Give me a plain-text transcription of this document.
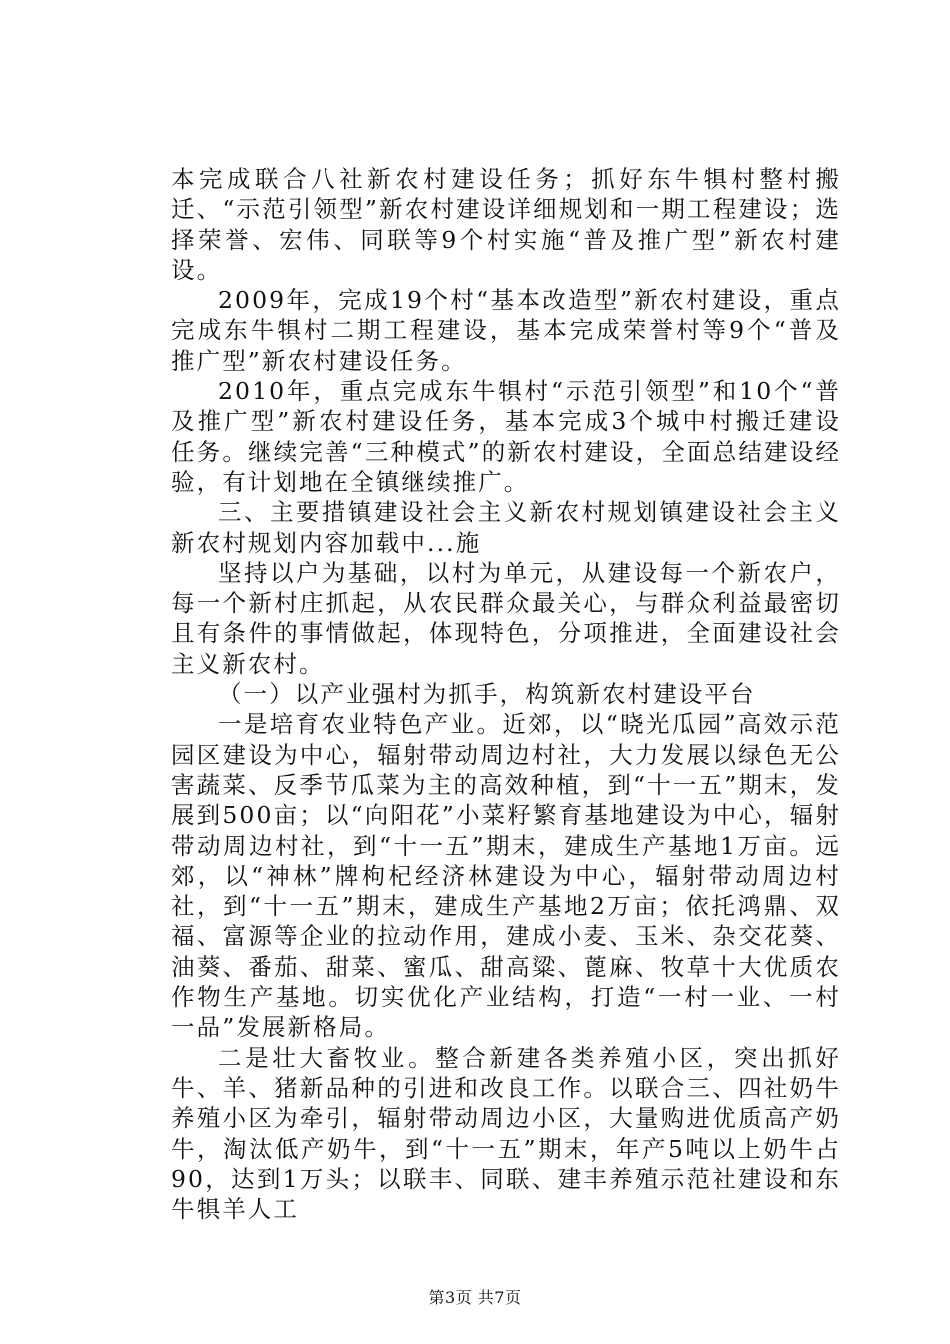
本完成联合八社新农村建设任务；抓好东牛犋村整村搬迁、“示范引领型”新农村建设详细规划和一期工程建设；选择荣誉、宏伟、同联等9个村实施“普及推广型”新农村建设。

2009年，完成19个村“基本改造型”新农村建设，重点完成东牛犋村二期工程建设，基本完成荣誉村等9个“普及推广型”新农村建设任务。

2010年，重点完成东牛犋村“示范引领型”和10个“普及推广型”新农村建设任务，基本完成3个城中村搬迁建设任务。继续完善“三种模式”的新农村建设，全面总结建设经验，有计划地在全镇继续推广。

三、主要措镇建设社会主义新农村规划镇建设社会主义新农村规划内容加载中...施

坚持以户为基础，以村为单元，从建设每一个新农户，每一个新村庄抓起，从农民群众最关心，与群众利益最密切且有条件的事情做起，体现特色，分项推进，全面建设社会主义新农村。

（一）以产业强村为抓手，构筑新农村建设平台

一是培育农业特色产业。近郊，以“晓光瓜园”高效示范园区建设为中心，辐射带动周边村社，大力发展以绿色无公害蔬菜、反季节瓜菜为主的高效种植，到“十一五”期末，发展到500亩；以“向阳花”小菜籽繁育基地建设为中心，辐射带动周边村社，到“十一五”期末，建成生产基地1万亩。远郊，以“神林”牌枸杞经济林建设为中心，辐射带动周边村社，到“十一五”期末，建成生产基地2万亩；依托鸿鼎、双福、富源等企业的拉动作用，建成小麦、玉米、杂交花葵、油葵、番茄、甜菜、蜜瓜、甜高粱、蓖麻、牧草十大优质农作物生产基地。切实优化产业结构，打造“一村一业、一村一品”发展新格局。

二是壮大畜牧业。整合新建各类养殖小区，突出抓好牛、羊、猪新品种的引进和改良工作。以联合三、四社奶牛养殖小区为牵引，辐射带动周边小区，大量购进优质高产奶牛，淘汰低产奶牛，到“十一五”期末，年产5吨以上奶牛占90，达到1万头；以联丰、同联、建丰养殖示范社建设和东牛犋羊人工

第3页 共7页
